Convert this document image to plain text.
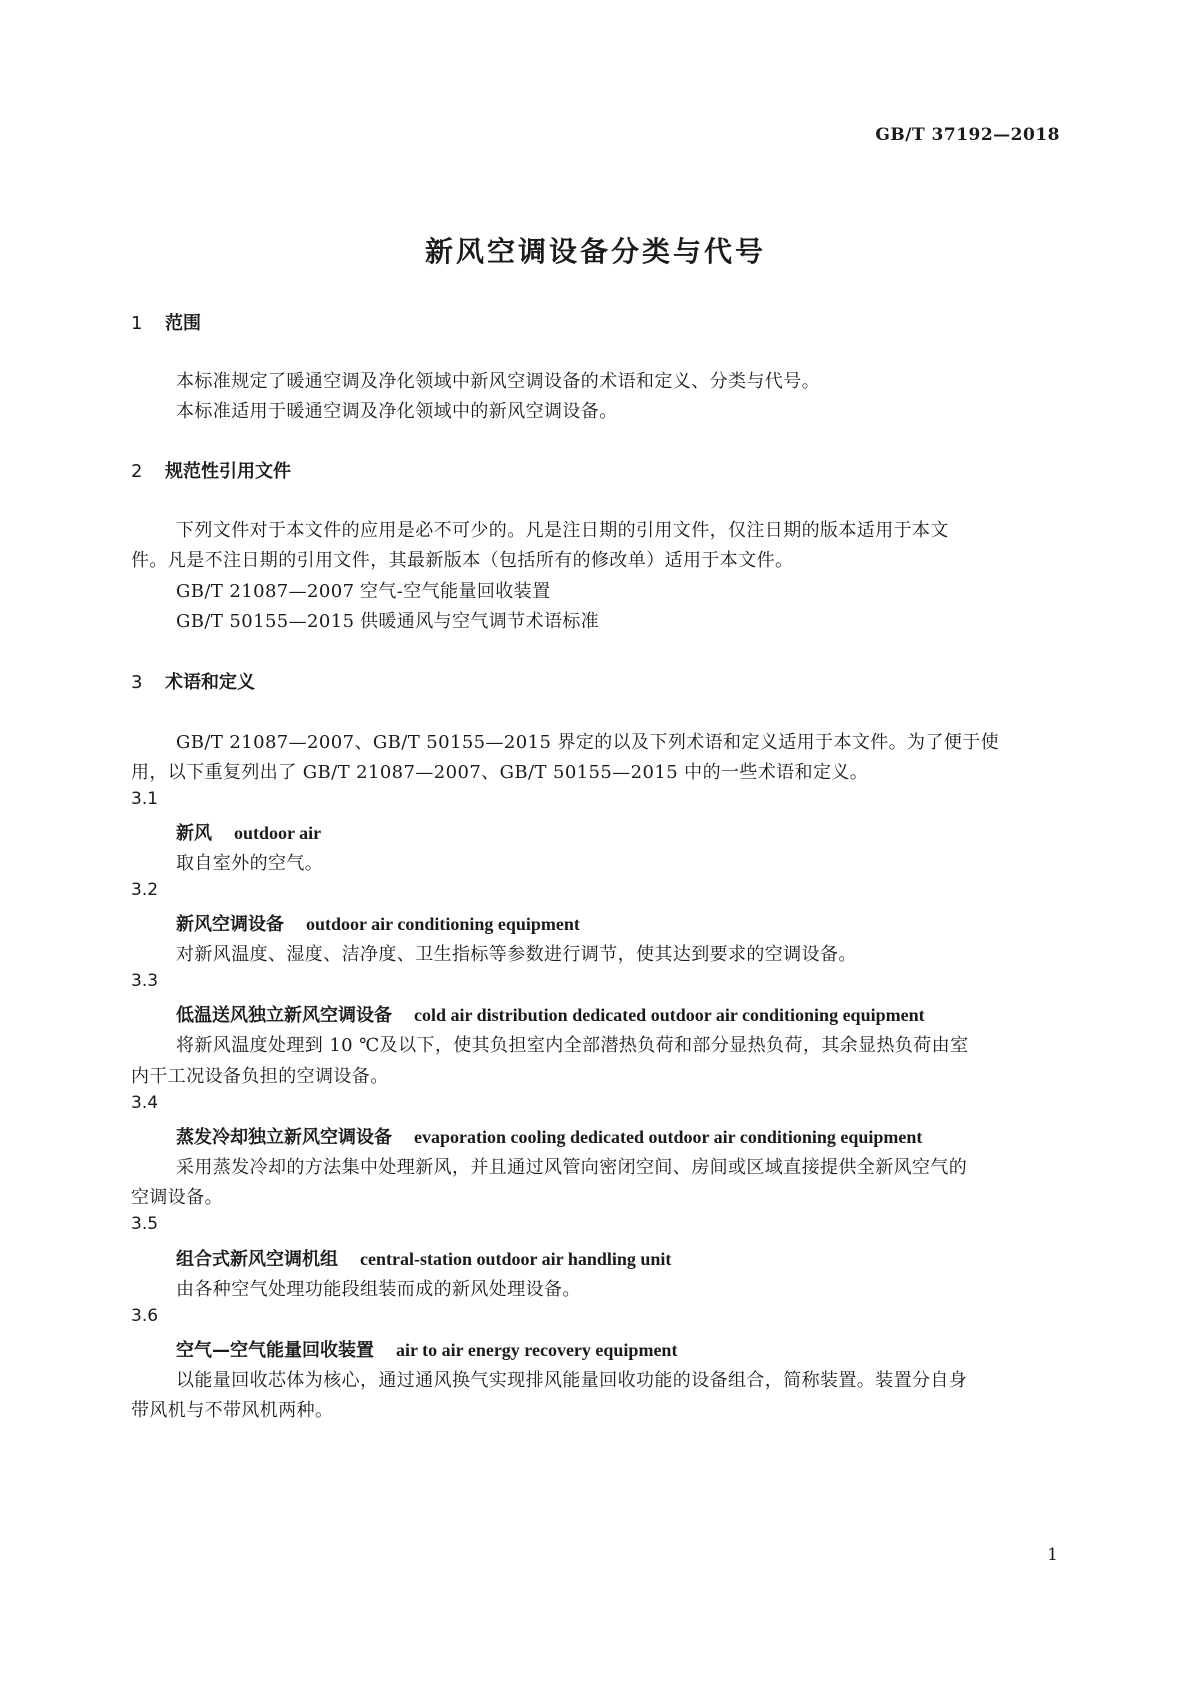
GB/T 37192—2018
新风空调设备分类与代号
1 范围
本标准规定了暖通空调及净化领域中新风空调设备的术语和定义、分类与代号。
本标准适用于暖通空调及净化领域中的新风空调设备。
2 规范性引用文件
下列文件对于本文件的应用是必不可少的。凡是注日期的引用文件，仅注日期的版本适用于本文
件。凡是不注日期的引用文件，其最新版本（包括所有的修改单）适用于本文件。
GB/T 21087—2007 空气-空气能量回收装置
GB/T 50155—2015 供暖通风与空气调节术语标准
3 术语和定义
GB/T 21087—2007、GB/T 50155—2015 界定的以及下列术语和定义适用于本文件。为了便于使
用，以下重复列出了 GB/T 21087—2007、GB/T 50155—2015 中的一些术语和定义。
3.1
新风 outdoor air
取自室外的空气。
3.2
新风空调设备 outdoor air conditioning equipment
对新风温度、湿度、洁净度、卫生指标等参数进行调节，使其达到要求的空调设备。
3.3
低温送风独立新风空调设备 cold air distribution dedicated outdoor air conditioning equipment
将新风温度处理到 10 ℃及以下，使其负担室内全部潜热负荷和部分显热负荷，其余显热负荷由室
内干工况设备负担的空调设备。
3.4
蒸发冷却独立新风空调设备 evaporation cooling dedicated outdoor air conditioning equipment
采用蒸发冷却的方法集中处理新风，并且通过风管向密闭空间、房间或区域直接提供全新风空气的
空调设备。
3.5
组合式新风空调机组 central-station outdoor air handling unit
由各种空气处理功能段组装而成的新风处理设备。
3.6
空气—空气能量回收装置 air to air energy recovery equipment
以能量回收芯体为核心，通过通风换气实现排风能量回收功能的设备组合，简称装置。装置分自身
带风机与不带风机两种。
1
